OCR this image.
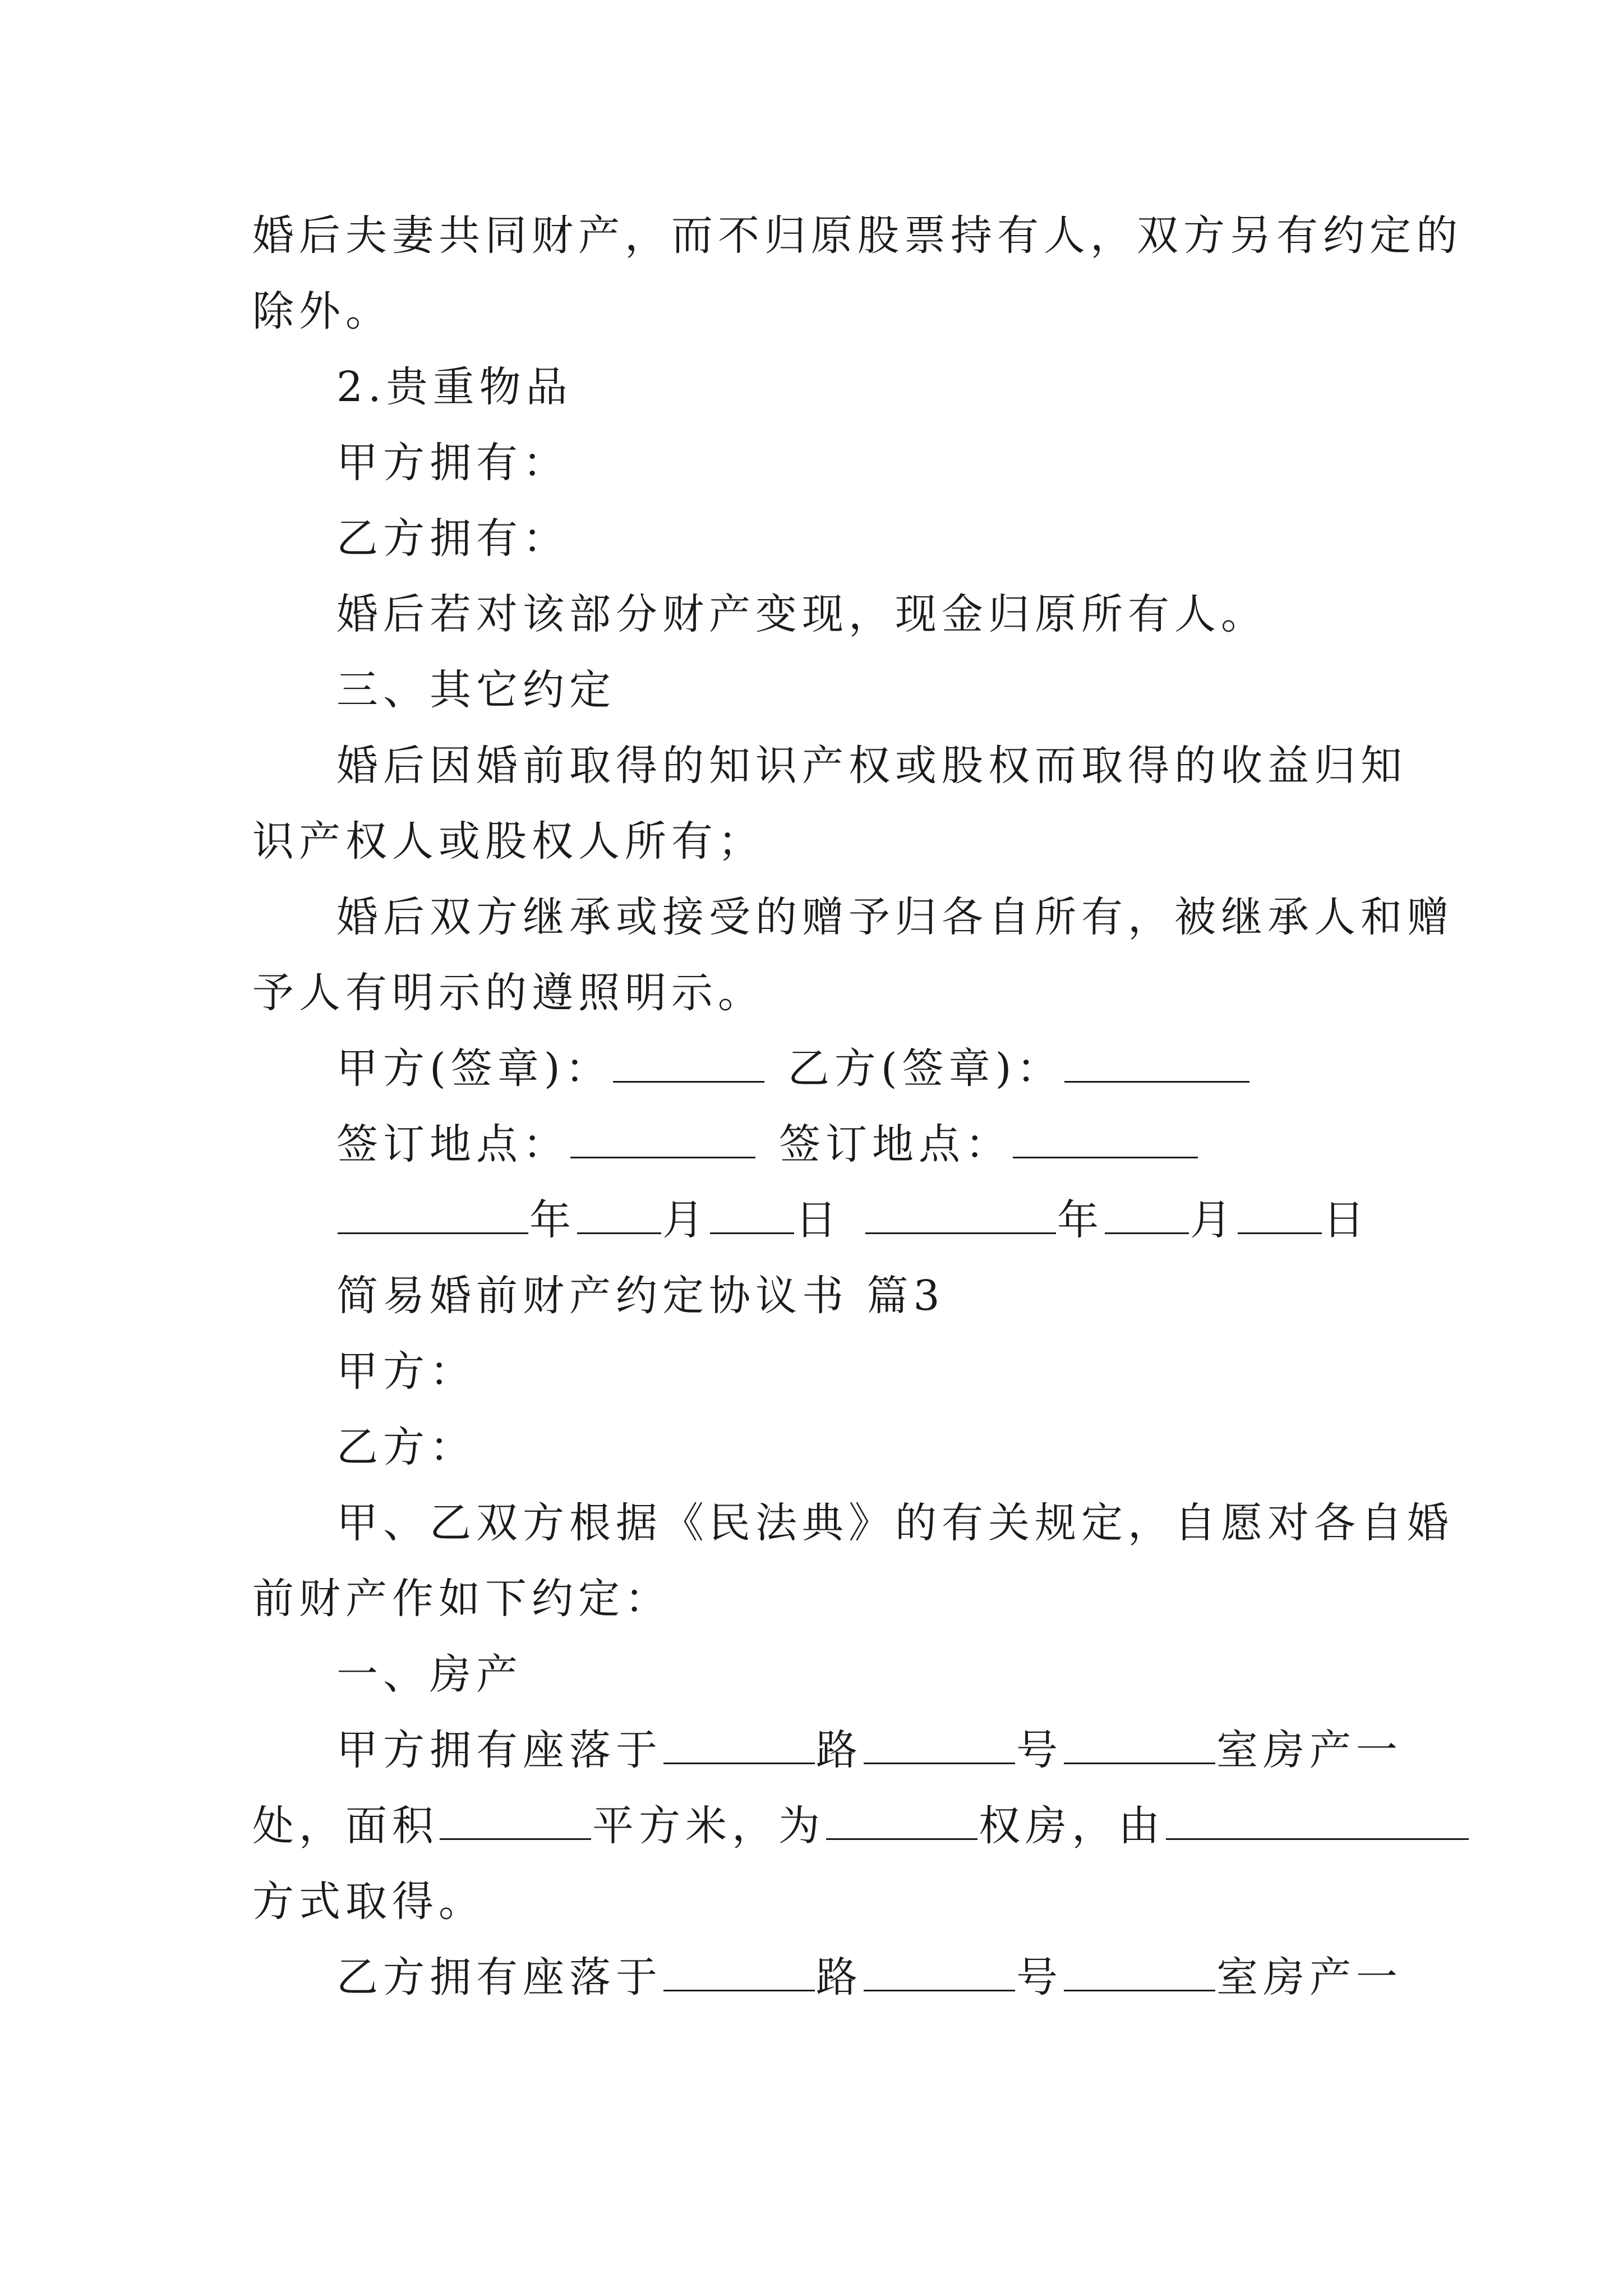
婚后夫妻共同财产，而不归原股票持有人，双方另有约定的

除外。

2.贵重物品

甲方拥有：

乙方拥有：

婚后若对该部分财产变现，现金归原所有人。

三、其它约定

婚后因婚前取得的知识产权或股权而取得的收益归知

识产权人或股权人所有；

婚后双方继承或接受的赠予归各自所有，被继承人和赠

予人有明示的遵照明示。

甲方(签章)：	乙方(签章)：

签订地点：	签订地点：

年 月 日	年 月 日

简易婚前财产约定协议书 篇3

甲方：

乙方：

甲、乙双方根据《民法典》的有关规定，自愿对各自婚

前财产作如下约定：

一、房产

甲方拥有座落于	路	号	室房产一

处，面积	平方米，为	权房，由

方式取得。

乙方拥有座落于	路	号	室房产一
